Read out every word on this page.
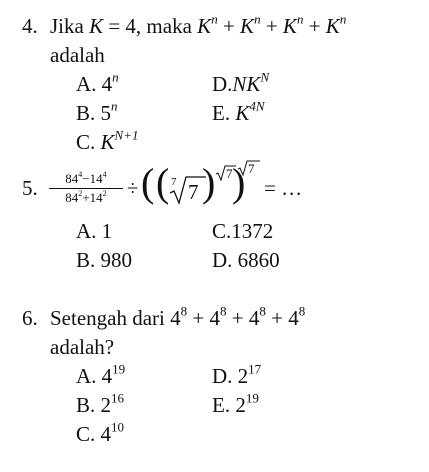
4. Jika K = 4, maka $K^n + K^n + K^n + K^n$
adalah
A. 4$^n$
B. 5$^n$
C. $K^{N+1}$
$D.NK^N$
E. $K^{4N}$
5.	$84^4-14^4$
$84^2+14^2$ ÷ ( ( 7 7 ) 7 ) 7
= …
A. 1
B. 980
C.1372
D. 6860
6. Setengah dari $4^8 + 4^8 + 4^8 + 4^8$
adalah?
A. $4^{19}$
B. $2^{16}$
C. $4^{10}$
D. $2^{17}$
E. $2^{19}$
